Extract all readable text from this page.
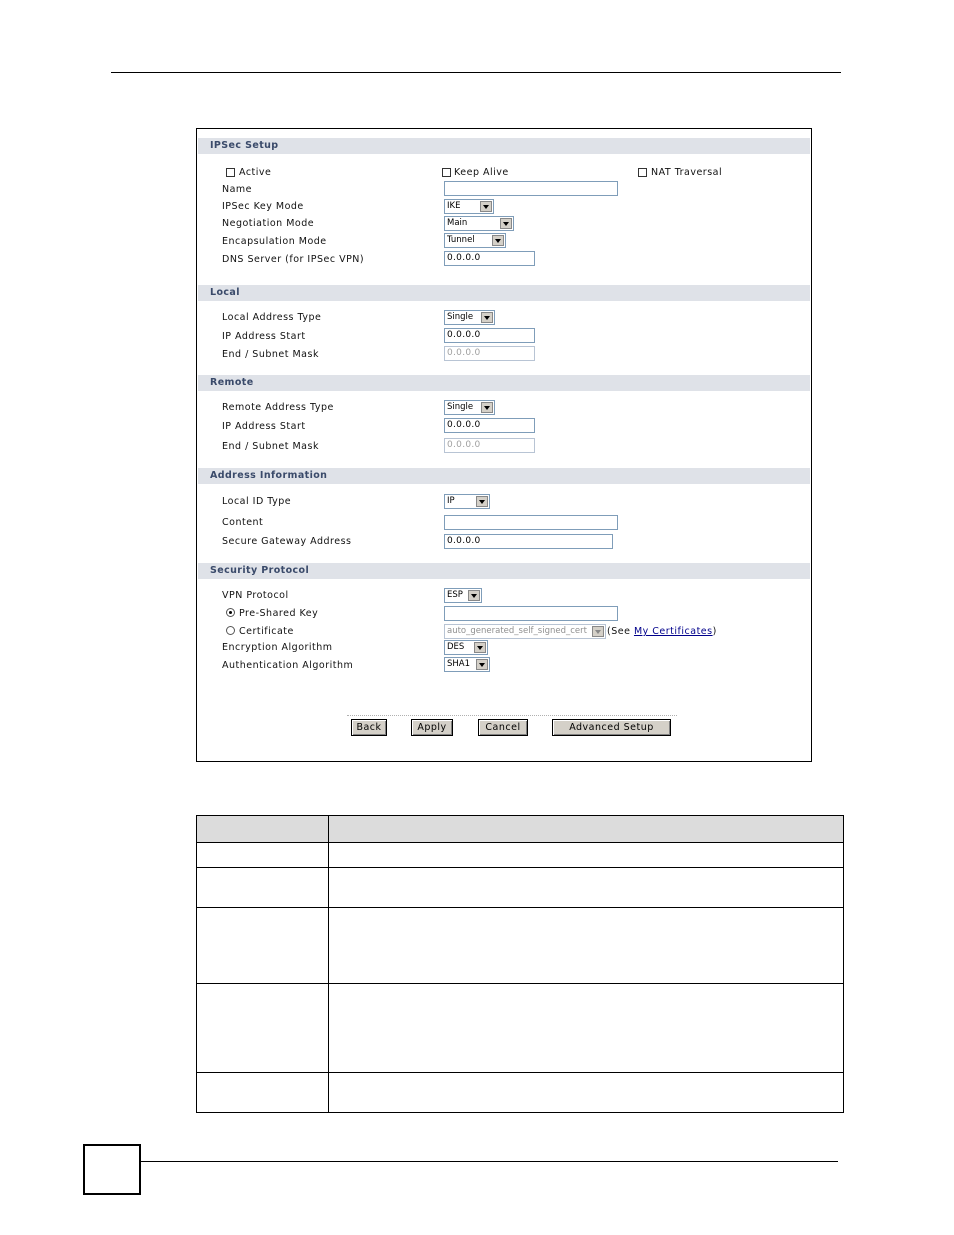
IPSec Setup
Active	Keep Alive	NAT Traversal
Name
IPSec Key Mode	IKE
Negotiation Mode	Main
Encapsulation Mode	Tunnel
DNS Server (for IPSec VPN)	0.0.0.0
Local
Local Address Type	Single
IP Address Start	0.0.0.0
End / Subnet Mask	0.0.0.0
Remote
Remote Address Type	Single
IP Address Start	0.0.0.0
End / Subnet Mask	0.0.0.0
Address Information
Local ID Type	IP
Content
Secure Gateway Address	0.0.0.0
Security Protocol
VPN Protocol	ESP
Pre-Shared Key
Certificate	auto_generated_self_signed_cert	(See My Certificates)
Encryption Algorithm	DES
Authentication Algorithm	SHA1
Back	Apply	Cancel	Advanced Setup
